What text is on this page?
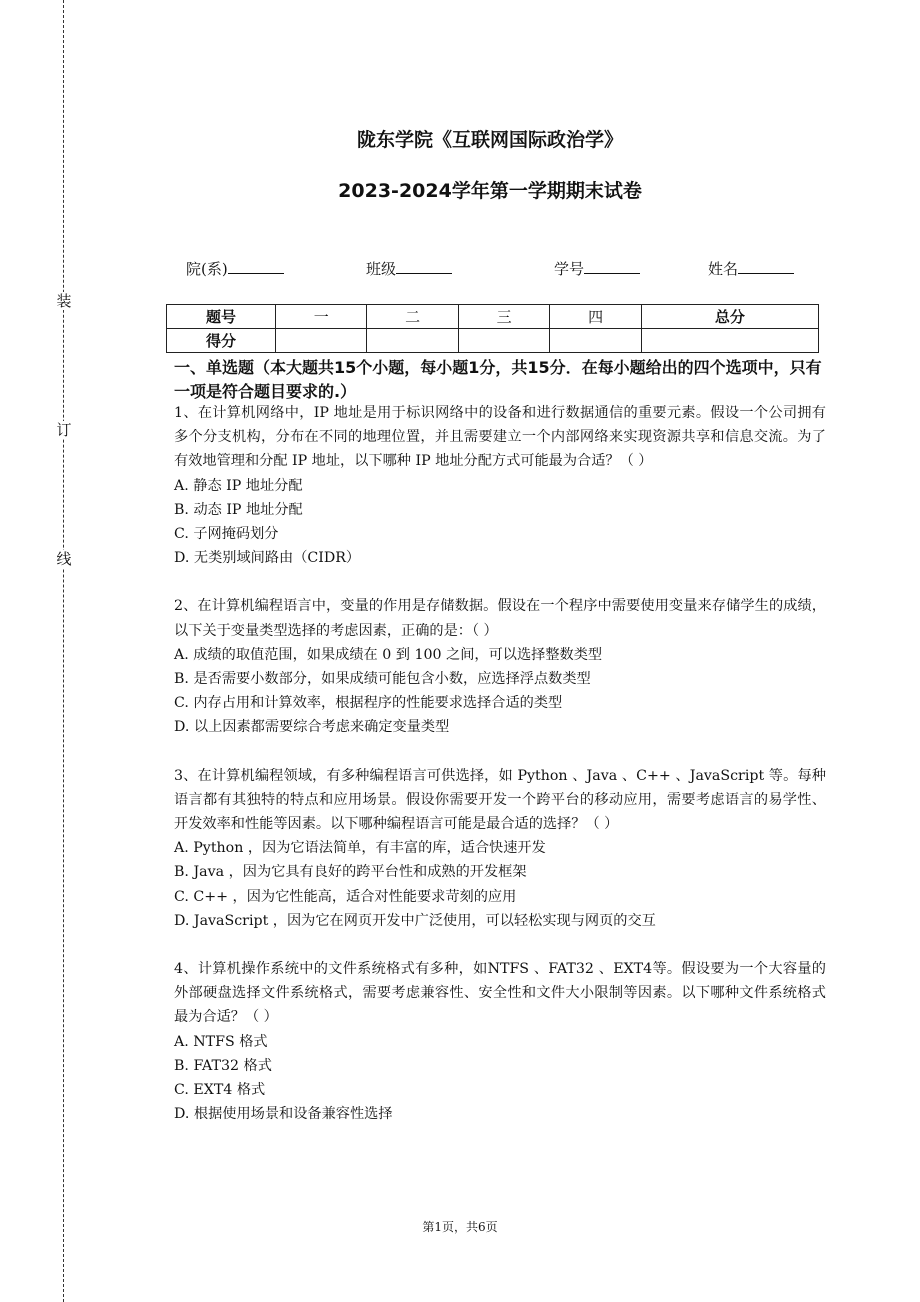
装
订
线
陇东学院《互联网国际政治学》
2023-2024学年第一学期期末试卷
院(系)	班级	学号	姓名
题号	一	二	三	四	总分
得分					
一、单选题（本大题共15个小题，每小题1分，共15分．在每小题给出的四个选项中，只有一项是符合题目要求的.）

1、在计算机网络中，IP 地址是用于标识网络中的设备和进行数据通信的重要元素。假设一个公司拥有多个分支机构，分布在不同的地理位置，并且需要建立一个内部网络来实现资源共享和信息交流。为了有效地管理和分配 IP 地址，以下哪种 IP 地址分配方式可能最为合适？（ ）

A. 静态 IP 地址分配

B. 动态 IP 地址分配

C. 子网掩码划分

D. 无类别域间路由（CIDR）

2、在计算机编程语言中，变量的作用是存储数据。假设在一个程序中需要使用变量来存储学生的成绩，以下关于变量类型选择的考虑因素，正确的是：（ ）

A. 成绩的取值范围，如果成绩在 0 到 100 之间，可以选择整数类型

B. 是否需要小数部分，如果成绩可能包含小数，应选择浮点数类型

C. 内存占用和计算效率，根据程序的性能要求选择合适的类型

D. 以上因素都需要综合考虑来确定变量类型

3、在计算机编程领域，有多种编程语言可供选择，如 Python 、Java 、C++ 、JavaScript 等。每种语言都有其独特的特点和应用场景。假设你需要开发一个跨平台的移动应用，需要考虑语言的易学性、开发效率和性能等因素。以下哪种编程语言可能是最合适的选择？（ ）

A. Python ，因为它语法简单，有丰富的库，适合快速开发

B. Java ，因为它具有良好的跨平台性和成熟的开发框架

C. C++ ，因为它性能高，适合对性能要求苛刻的应用

D. JavaScript ，因为它在网页开发中广泛使用，可以轻松实现与网页的交互

4、计算机操作系统中的文件系统格式有多种，如NTFS 、FAT32 、EXT4等。假设要为一个大容量的外部硬盘选择文件系统格式，需要考虑兼容性、安全性和文件大小限制等因素。以下哪种文件系统格式最为合适？（ ）

A. NTFS 格式

B. FAT32 格式

C. EXT4 格式

D. 根据使用场景和设备兼容性选择

第1页，共6页
